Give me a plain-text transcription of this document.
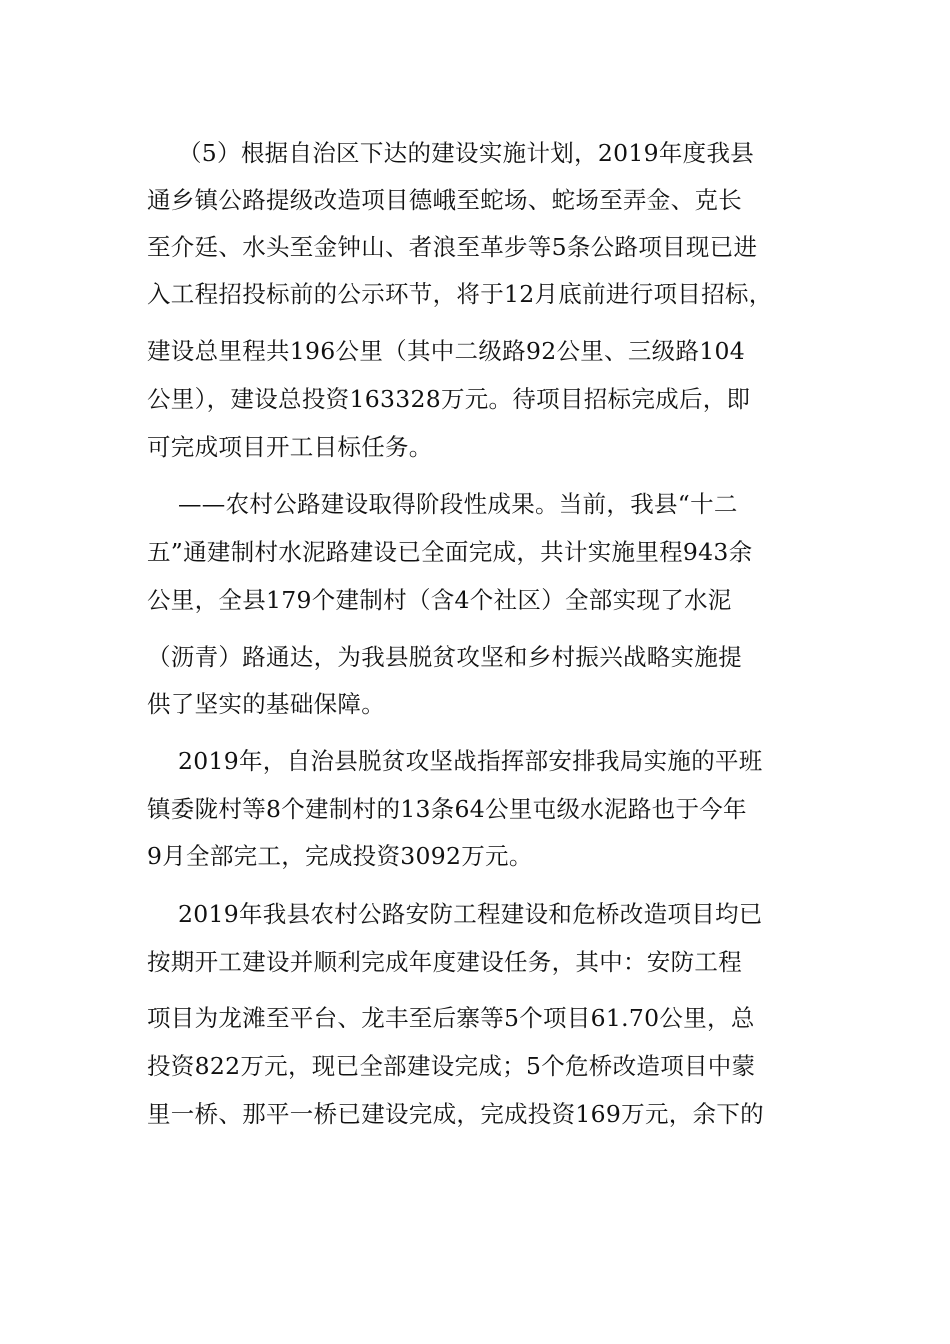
（5）根据自治区下达的建设实施计划，2019年度我县
通乡镇公路提级改造项目德峨至蛇场、蛇场至弄金、克长
至介廷、水头至金钟山、者浪至革步等5条公路项目现已进
入工程招投标前的公示环节，将于12月底前进行项目招标，
建设总里程共196公里（其中二级路92公里、三级路104
公里），建设总投资163328万元。待项目招标完成后，即
可完成项目开工目标任务。
——农村公路建设取得阶段性成果。当前，我县“十二
五”通建制村水泥路建设已全面完成，共计实施里程943余
公里，全县179个建制村（含4个社区）全部实现了水泥
（沥青）路通达，为我县脱贫攻坚和乡村振兴战略实施提
供了坚实的基础保障。
2019年，自治县脱贫攻坚战指挥部安排我局实施的平班
镇委陇村等8个建制村的13条64公里屯级水泥路也于今年
9月全部完工，完成投资3092万元。
2019年我县农村公路安防工程建设和危桥改造项目均已
按期开工建设并顺利完成年度建设任务，其中：安防工程
项目为龙滩至平台、龙丰至后寨等5个项目61.70公里，总
投资822万元，现已全部建设完成；5个危桥改造项目中蒙
里一桥、那平一桥已建设完成，完成投资169万元，余下的
